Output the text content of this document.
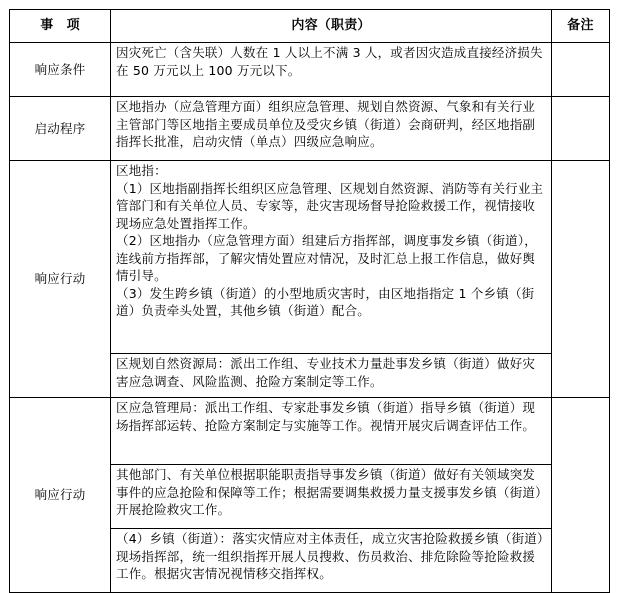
事　项	内容（职责）	备注
响应条件	因灾死亡（含失联）人数在 1 人以上不满 3 人，或者因灾造成直接经济损失在 50 万元以上 100 万元以下。	

启动程序	区地指办（应急管理方面）组织应急管理、规划自然资源、气象和有关行业主管部门等区地指主要成员单位及受灾乡镇（街道）会商研判，经区地指副指挥长批准，启动灾情（单点）四级应急响应。	

响应行动	区地指：

（1）区地指副指挥长组织区应急管理、区规划自然资源、消防等有关行业主管部门和有关单位人员、专家等，赴灾害现场督导抢险救援工作，视情接收现场应急处置指挥工作。

（2）区地指办（应急管理方面）组建后方指挥部，调度事发乡镇（街道），连线前方指挥部，了解灾情处置应对情况，及时汇总上报工作信息，做好舆情引导。

（3）发生跨乡镇（街道）的小型地质灾害时，由区地指指定 1 个乡镇（街道）负责牵头处置，其他乡镇（街道）配合。	

	区规划自然资源局：派出工作组、专业技术力量赴事发乡镇（街道）做好灾害应急调查、风险监测、抢险方案制定等工作。	

响应行动	区应急管理局：派出工作组、专家赴事发乡镇（街道）指导乡镇（街道）现场指挥部运转、抢险方案制定与实施等工作。视情开展灾后调查评估工作。	

	其他部门、有关单位根据职能职责指导事发乡镇（街道）做好有关领域突发事件的应急抢险和保障等工作；根据需要调集救援力量支援事发乡镇（街道）开展抢险救灾工作。	

	（4）乡镇（街道）：落实灾情应对主体责任，成立灾害抢险救援乡镇（街道）现场指挥部，统一组织指挥开展人员搜救、伤员救治、排危除险等抢险救援工作。根据灾害情况视情移交指挥权。	
